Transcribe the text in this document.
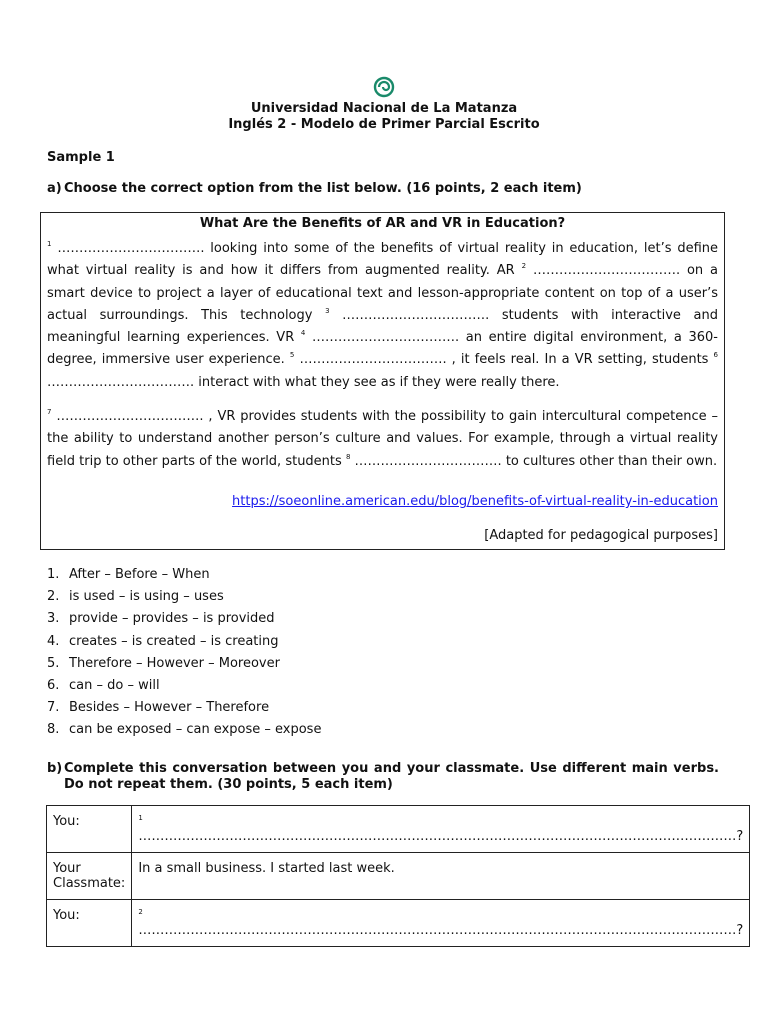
Universidad Nacional de La Matanza
Inglés 2 - Modelo de Primer Parcial Escrito
Sample 1
a) Choose the correct option from the list below. (16 points, 2 each item)
What Are the Benefits of AR and VR in Education?
$^1$ ……………………………. looking into some of the benefits of virtual reality in education, let’s define what virtual reality is and how it differs from augmented reality. AR $^2$ ……………………………. on a smart device to project a layer of educational text and lesson-appropriate content on top of a user’s actual surroundings. This technology $^3$ ……………………………. students with interactive and meaningful learning experiences. VR $^4$ ……………………………. an entire digital environment, a 360-degree, immersive user experience. $^5$ ……………………………. , it feels real. In a VR setting, students $^6$ ……………………………. interact with what they see as if they were really there.
$^7$ ……………………………. , VR provides students with the possibility to gain intercultural competence –the ability to understand another person’s culture and values. For example, through a virtual reality field trip to other parts of the world, students $^8$ ……………………………. to cultures other than their own.
https://soeonline.american.edu/blog/benefits-of-virtual-reality-in-education
[Adapted for pedagogical purposes]
1. After – Before – When
2. is used – is using – uses
3. provide – provides – is provided
4. creates – is created – is creating
5. Therefore – However – Moreover
6. can – do – will
7. Besides – However – Therefore
8. can be exposed – can expose – expose
b) Complete this conversation between you and your classmate. Use different main verbs.
Do not repeat them. (30 points, 5 each item)
You:	$^1$ …………………………………………………………………………………………………………………………?
Your Classmate:	In a small business. I started last week.
You:	$^2$ …………………………………………………………………………………………………………………………?
